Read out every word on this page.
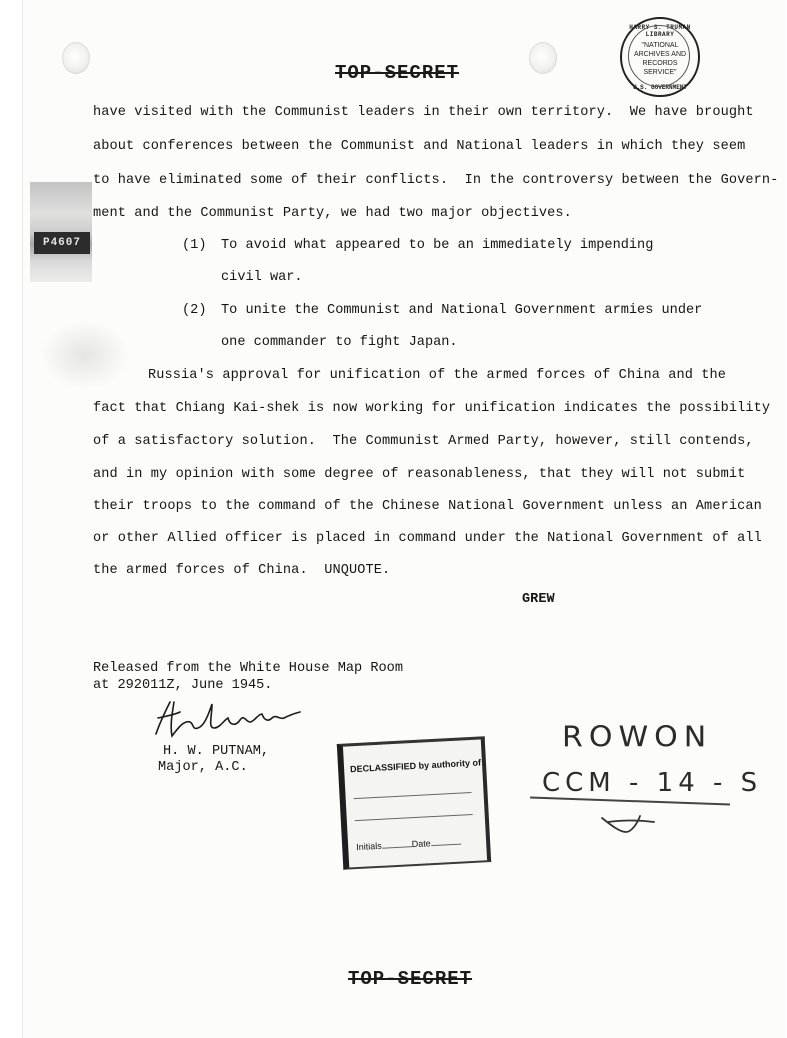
P4607
TOP-SECRET
HARRY S. TRUMAN LIBRARY
"NATIONAL
ARCHIVES AND
RECORDS
SERVICE"
U.S. GOVERNMENT
have visited with the Communist leaders in their own territory.  We have brought
about conferences between the Communist and National leaders in which they seem
to have eliminated some of their conflicts.  In the controversy between the Govern-
ment and the Communist Party, we had two major objectives.
(1) To avoid what appeared to be an immediately impending
civil war.
(2) To unite the Communist and National Government armies under
one commander to fight Japan.
Russia's approval for unification of the armed forces of China and the
fact that Chiang Kai-shek is now working for unification indicates the possibility
of a satisfactory solution.  The Communist Armed Party, however, still contends,
and in my opinion with some degree of reasonableness, that they will not submit
their troops to the command of the Chinese National Government unless an American
or other Allied officer is placed in command under the National Government of all
the armed forces of China.  UNQUOTE.
GREW
Released from the White House Map Room
at 292011Z, June 1945.
H. W. PUTNAM,
Major, A.C.	DECLASSIFIED by authority of
Initials	Date
ROWON
CCM - 14 - S
TOP-SECRET
